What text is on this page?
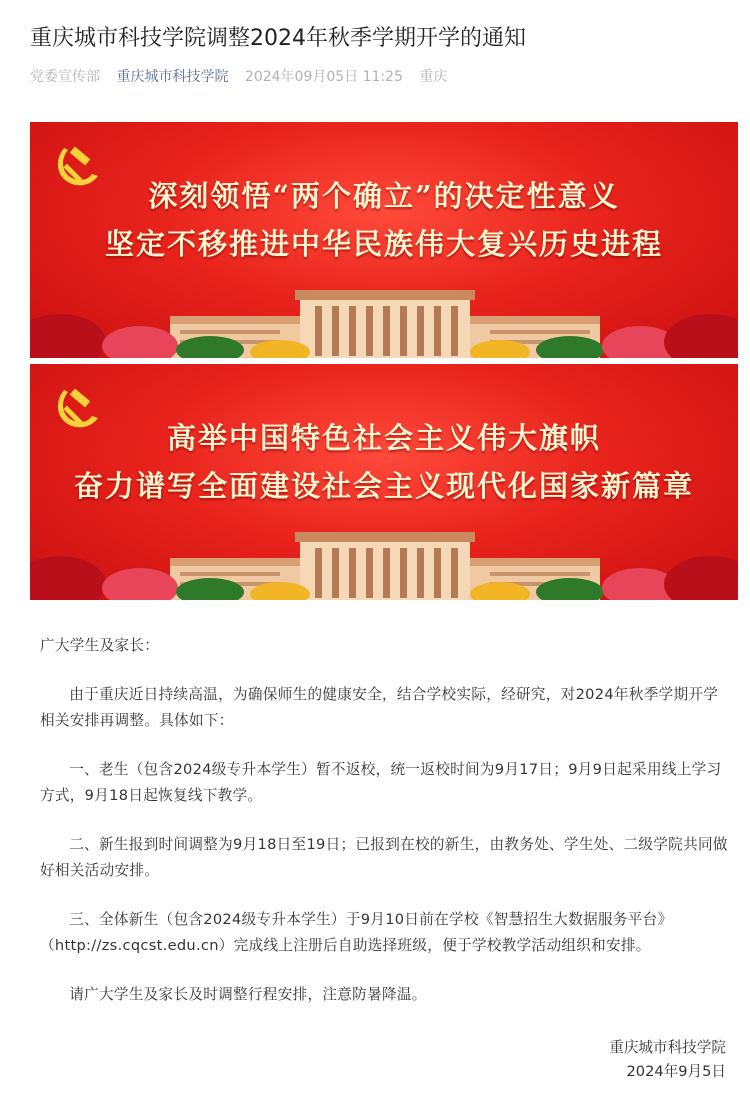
重庆城市科技学院调整2024年秋季学期开学的通知
党委宣传部 重庆城市科技学院 2024年09月05日 11:25 重庆
深刻领悟“两个确立”的决定性意义
坚定不移推进中华民族伟大复兴历史进程
高举中国特色社会主义伟大旗帜
奋力谱写全面建设社会主义现代化国家新篇章

广大学生及家长：

由于重庆近日持续高温，为确保师生的健康安全，结合学校实际，经研究，对2024年秋季学期开学相关安排再调整。具体如下：

一、老生（包含2024级专升本学生）暂不返校，统一返校时间为9月17日；9月9日起采用线上学习方式，9月18日起恢复线下教学。

二、新生报到时间调整为9月18日至19日；已报到在校的新生，由教务处、学生处、二级学院共同做好相关活动安排。

三、全体新生（包含2024级专升本学生）于9月10日前在学校《智慧招生大数据服务平台》（http://zs.cqcst.edu.cn）完成线上注册后自助选择班级，便于学校教学活动组织和安排。

请广大学生及家长及时调整行程安排，注意防暑降温。

重庆城市科技学院

2024年9月5日
